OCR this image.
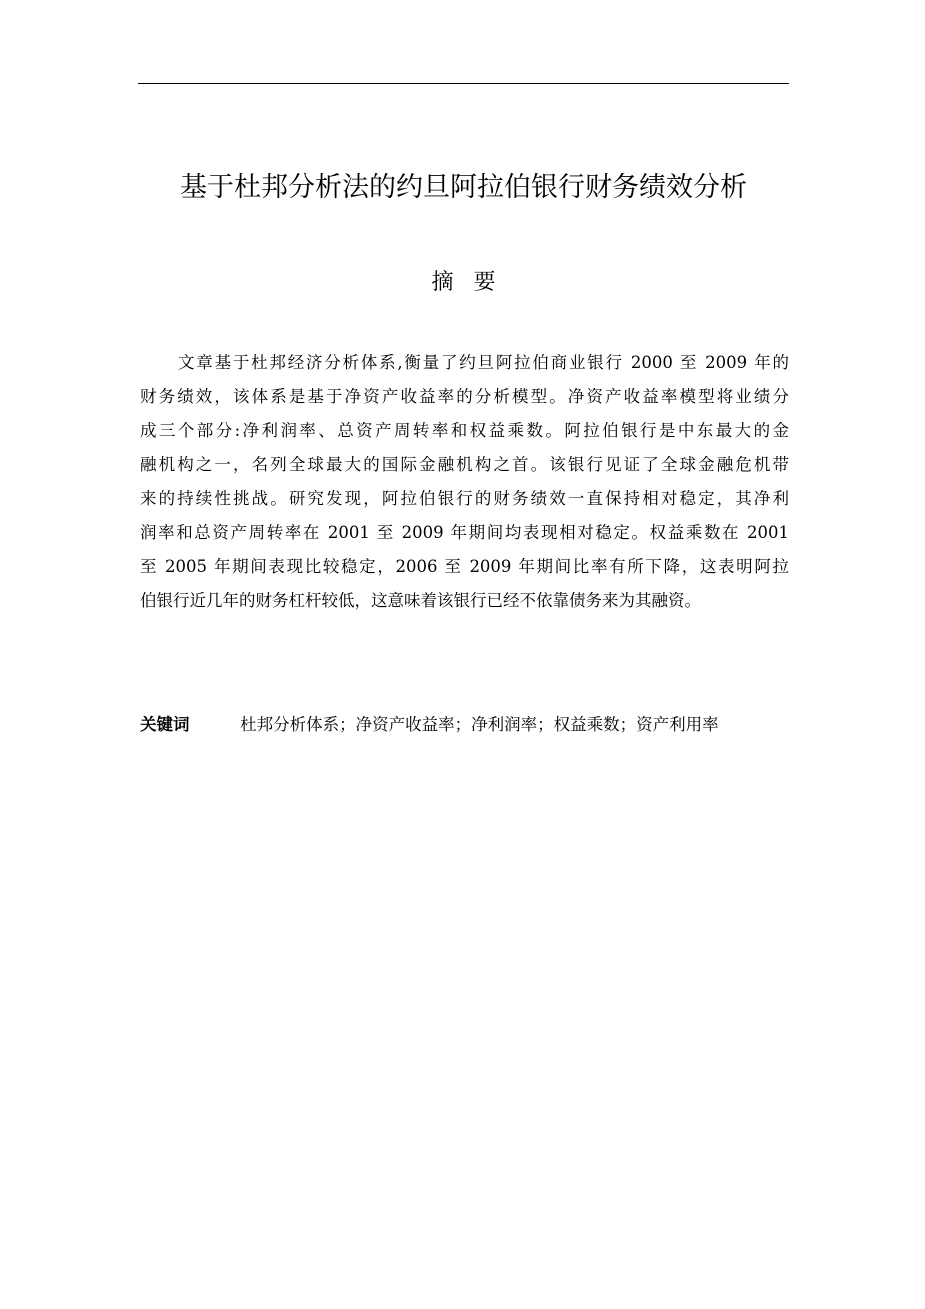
基于杜邦分析法的约旦阿拉伯银行财务绩效分析
摘要
文章基于杜邦经济分析体系,衡量了约旦阿拉伯商业银行 2000 至 2009 年的
财务绩效，该体系是基于净资产收益率的分析模型。净资产收益率模型将业绩分
成三个部分:净利润率、总资产周转率和权益乘数。阿拉伯银行是中东最大的金
融机构之一，名列全球最大的国际金融机构之首。该银行见证了全球金融危机带
来的持续性挑战。研究发现，阿拉伯银行的财务绩效一直保持相对稳定，其净利
润率和总资产周转率在 2001 至 2009 年期间均表现相对稳定。权益乘数在 2001
至 2005 年期间表现比较稳定，2006 至 2009 年期间比率有所下降，这表明阿拉
伯银行近几年的财务杠杆较低，这意味着该银行已经不依靠债务来为其融资。
关键词	杜邦分析体系；净资产收益率；净利润率；权益乘数；资产利用率
